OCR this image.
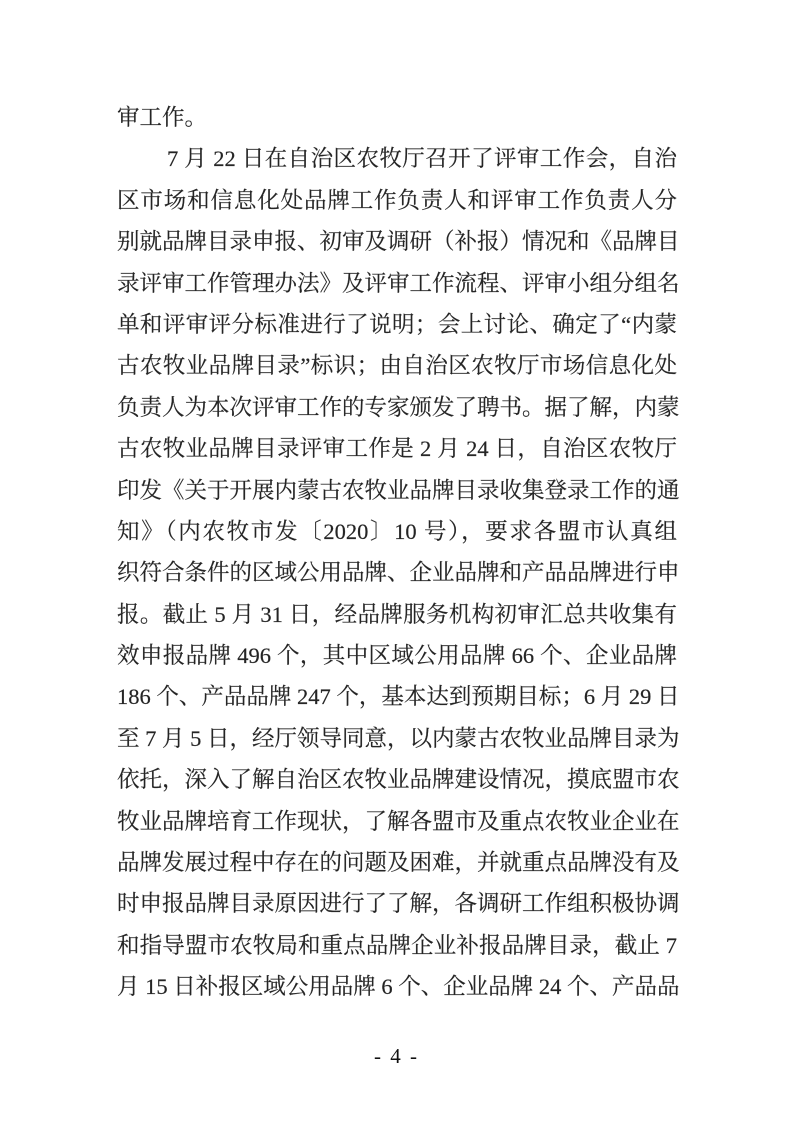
审工作。
7 月 22 日在自治区农牧厅召开了评审工作会，自治
区市场和信息化处品牌工作负责人和评审工作负责人分
别就品牌目录申报、初审及调研（补报）情况和《品牌目
录评审工作管理办法》及评审工作流程、评审小组分组名
单和评审评分标准进行了说明；会上讨论、确定了“内蒙
古农牧业品牌目录”标识；由自治区农牧厅市场信息化处
负责人为本次评审工作的专家颁发了聘书。据了解，内蒙
古农牧业品牌目录评审工作是 2 月 24 日，自治区农牧厅
印发《关于开展内蒙古农牧业品牌目录收集登录工作的通
知》（内农牧市发〔2020〕10 号），要求各盟市认真组
织符合条件的区域公用品牌、企业品牌和产品品牌进行申
报。截止 5 月 31 日，经品牌服务机构初审汇总共收集有
效申报品牌 496 个，其中区域公用品牌 66 个、企业品牌
186 个、产品品牌 247 个，基本达到预期目标；6 月 29 日
至 7 月 5 日，经厅领导同意，以内蒙古农牧业品牌目录为
依托，深入了解自治区农牧业品牌建设情况，摸底盟市农
牧业品牌培育工作现状，了解各盟市及重点农牧业企业在
品牌发展过程中存在的问题及困难，并就重点品牌没有及
时申报品牌目录原因进行了了解，各调研工作组积极协调
和指导盟市农牧局和重点品牌企业补报品牌目录，截止 7
月 15 日补报区域公用品牌 6 个、企业品牌 24 个、产品品
- 4 -
